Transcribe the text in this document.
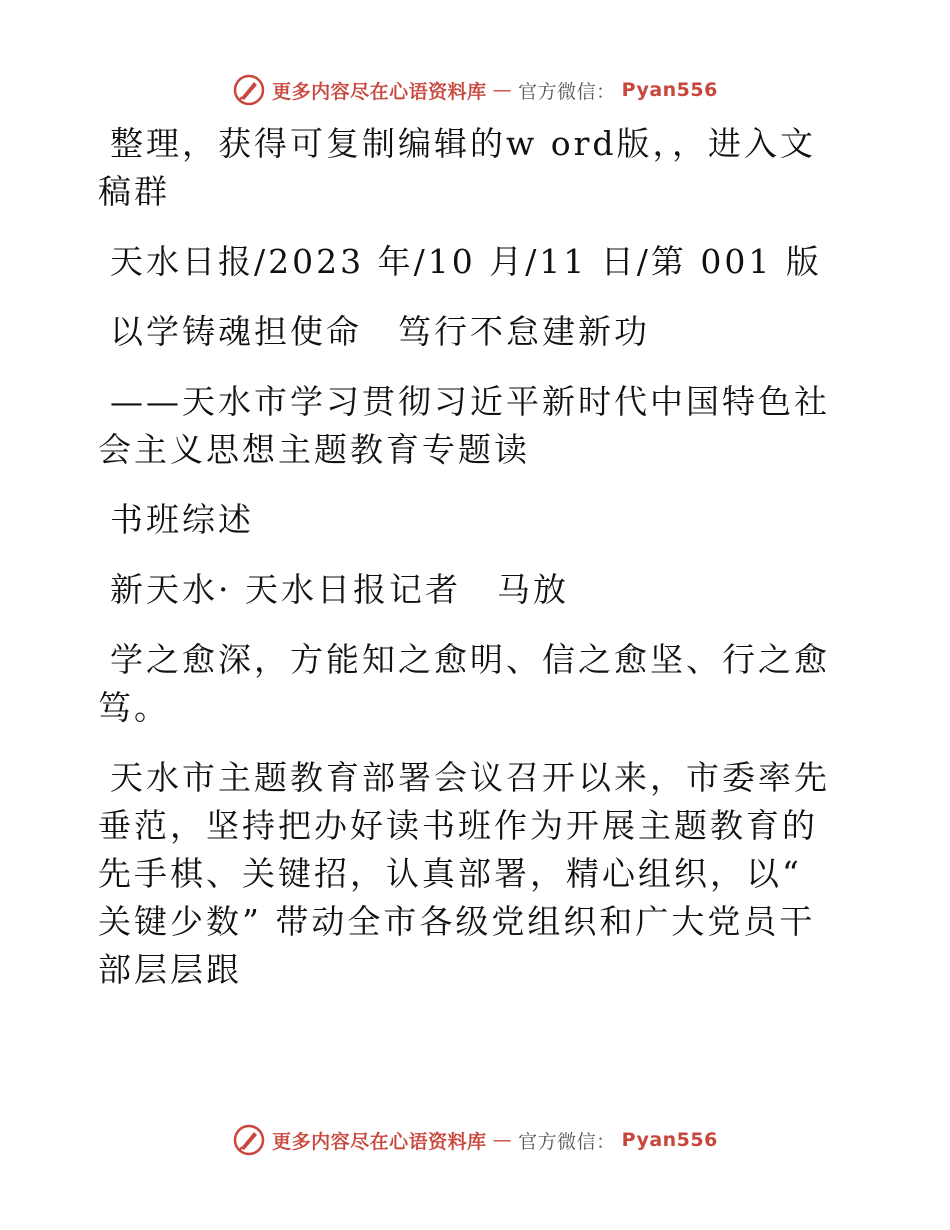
更多内容尽在心语资料库 — 官方微信： Pyan556

整理，获得可复制编辑的w ord版，，进入文稿群

天水日报/2023 年/10 月/11 日/第 001 版

以学铸魂担使命　笃行不怠建新功

——天水市学习贯彻习近平新时代中国特色社会主义思想主题教育专题读

书班综述

新天水· 天水日报记者　马放

学之愈深，方能知之愈明、信之愈坚、行之愈笃。

天水市主题教育部署会议召开以来，市委率先垂范，坚持把办好读书班作为开展主题教育的先手棋、关键招，认真部署，精心组织，以“ 关键少数” 带动全市各级党组织和广大党员干部层层跟

更多内容尽在心语资料库 — 官方微信： Pyan556
